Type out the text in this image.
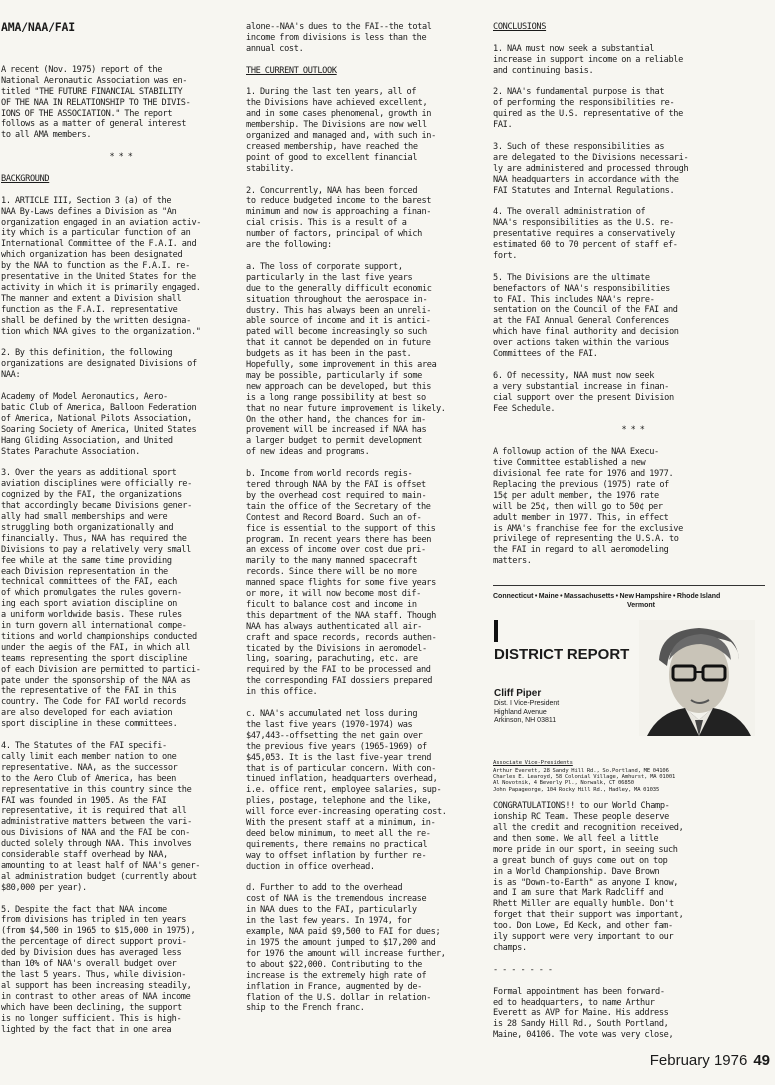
AMA/NAA/FAI
A recent (Nov. 1975) report of the
National Aeronautic Association was en-
titled "THE FUTURE FINANCIAL STABILITY
OF THE NAA IN RELATIONSHIP TO THE DIVIS-
IONS OF THE ASSOCIATION." The report
follows as a matter of general interest
to all AMA members.
* * *
BACKGROUND
1. ARTICLE III, Section 3 (a) of the
NAA By-Laws defines a Division as "An
organization engaged in an aviation activ-
ity which is a particular function of an
International Committee of the F.A.I. and
which organization has been designated
by the NAA to function as the F.A.I. re-
presentative in the United States for the
activity in which it is primarily engaged.
The manner and extent a Division shall
function as the F.A.I. representative
shall be defined by the written designa-
tion which NAA gives to the organization."
2. By this definition, the following
organizations are designated Divisions of
NAA:
Academy of Model Aeronautics, Aero-
batic Club of America, Balloon Federation
of America, National Pilots Association,
Soaring Society of America, United States
Hang Gliding Association, and United
States Parachute Association.
3. Over the years as additional sport
aviation disciplines were officially re-
cognized by the FAI, the organizations
that accordingly became Divisions gener-
ally had small memberships and were
struggling both organizationally and
financially. Thus, NAA has required the
Divisions to pay a relatively very small
fee while at the same time providing
each Division representation in the
technical committees of the FAI, each
of which promulgates the rules govern-
ing each sport aviation discipline on
a uniform worldwide basis. These rules
in turn govern all international compe-
titions and world championships conducted
under the aegis of the FAI, in which all
teams representing the sport discipline
of each Division are permitted to partici-
pate under the sponsorship of the NAA as
the representative of the FAI in this
country. The Code for FAI world records
are also developed for each aviation
sport discipline in these committees.
4. The Statutes of the FAI specifi-
cally limit each member nation to one
representative. NAA, as the successor
to the Aero Club of America, has been
representative in this country since the
FAI was founded in 1905. As the FAI
representative, it is required that all
administrative matters between the vari-
ous Divisions of NAA and the FAI be con-
ducted solely through NAA. This involves
considerable staff overhead by NAA,
amounting to at least half of NAA's gener-
al administration budget (currently about
$80,000 per year).
5. Despite the fact that NAA income
from divisions has tripled in ten years
(from $4,500 in 1965 to $15,000 in 1975),
the percentage of direct support provi-
ded by Division dues has averaged less
than 10% of NAA's overall budget over
the last 5 years. Thus, while division-
al support has been increasing steadily,
in contrast to other areas of NAA income
which have been declining, the support
is no longer sufficient. This is high-
lighted by the fact that in one area
alone--NAA's dues to the FAI--the total
income from divisions is less than the
annual cost.
THE CURRENT OUTLOOK
1. During the last ten years, all of
the Divisions have achieved excellent,
and in some cases phenomenal, growth in
membership. The Divisions are now well
organized and managed and, with such in-
creased membership, have reached the
point of good to excellent financial
stability.
2. Concurrently, NAA has been forced
to reduce budgeted income to the barest
minimum and now is approaching a finan-
cial crisis. This is a result of a
number of factors, principal of which
are the following:
a. The loss of corporate support,
particularly in the last five years
due to the generally difficult economic
situation throughout the aerospace in-
dustry. This has always been an unreli-
able source of income and it is antici-
pated will become increasingly so such
that it cannot be depended on in future
budgets as it has been in the past.
Hopefully, some improvement in this area
may be possible, particularly if some
new approach can be developed, but this
is a long range possibility at best so
that no near future improvement is likely.
On the other hand, the chances for im-
provement will be increased if NAA has
a larger budget to permit development
of new ideas and programs.
b. Income from world records regis-
tered through NAA by the FAI is offset
by the overhead cost required to main-
tain the office of the Secretary of the
Contest and Record Board. Such an of-
fice is essential to the support of this
program. In recent years there has been
an excess of income over cost due pri-
marily to the many manned spacecraft
records. Since there will be no more
manned space flights for some five years
or more, it will now become most dif-
ficult to balance cost and income in
this department of the NAA staff. Though
NAA has always authenticated all air-
craft and space records, records authen-
ticated by the Divisions in aeromodel-
ling, soaring, parachuting, etc. are
required by the FAI to be processed and
the corresponding FAI dossiers prepared
in this office.
c. NAA's accumulated net loss during
the last five years (1970-1974) was
$47,443--offsetting the net gain over
the previous five years (1965-1969) of
$45,053. It is the last five-year trend
that is of particular concern. With con-
tinued inflation, headquarters overhead,
i.e. office rent, employee salaries, sup-
plies, postage, telephone and the like,
will force ever-increasing operating cost.
With the present staff at a minimum, in-
deed below minimum, to meet all the re-
quirements, there remains no practical
way to offset inflation by further re-
duction in office overhead.
d. Further to add to the overhead
cost of NAA is the tremendous increase
in NAA dues to the FAI, particularly
in the last few years. In 1974, for
example, NAA paid $9,500 to FAI for dues;
in 1975 the amount jumped to $17,200 and
for 1976 the amount will increase further,
to about $22,000. Contributing to the
increase is the extremely high rate of
inflation in France, augmented by de-
flation of the U.S. dollar in relation-
ship to the French franc.
CONCLUSIONS
1. NAA must now seek a substantial
increase in support income on a reliable
and continuing basis.
2. NAA's fundamental purpose is that
of performing the responsibilities re-
quired as the U.S. representative of the
FAI.
3. Such of these responsibilities as
are delegated to the Divisions necessari-
ly are administered and processed through
NAA headquarters in accordance with the
FAI Statutes and Internal Regulations.
4. The overall administration of
NAA's responsibilities as the U.S. re-
presentative requires a conservatively
estimated 60 to 70 percent of staff ef-
fort.
5. The Divisions are the ultimate
benefactors of NAA's responsibilities
to FAI. This includes NAA's repre-
sentation on the Council of the FAI and
at the FAI Annual General Conferences
which have final authority and decision
over actions taken within the various
Committees of the FAI.
6. Of necessity, NAA must now seek
a very substantial increase in finan-
cial support over the present Division
Fee Schedule.
* * *
A followup action of the NAA Execu-
tive Committee established a new
divisional fee rate for 1976 and 1977.
Replacing the previous (1975) rate of
15¢ per adult member, the 1976 rate
will be 25¢, then will go to 50¢ per
adult member in 1977. This, in effect
is AMA's franchise fee for the exclusive
privilege of representing the U.S.A. to
the FAI in regard to all aeromodeling
matters.
Connecticut • Maine • Massachusetts • New Hampshire • Rhode Island
Vermont
DISTRICT REPORT
Cliff Piper
Dist. I Vice-President
Highland Avenue
Arkinson, NH 03811
Associate Vice-Presidents
Arthur Everett, 28 Sandy Hill Rd., So.Portland, ME 04106
Charles E. Learoyd, 58 Colonial Village, Amhurst, MA 01001
Al Novotnik, 4 Beverly Pl., Norwalk, CT 06850
John Papageorge, 104 Rocky Hill Rd., Hadley, MA 01035
CONGRATULATIONS!! to our World Champ-
ionship RC Team. These people deserve
all the credit and recognition received,
and then some. We all feel a little
more pride in our sport, in seeing such
a great bunch of guys come out on top
in a World Championship. Dave Brown
is as "Down-to-Earth" as anyone I know,
and I am sure that Mark Radcliff and
Rhett Miller are equally humble. Don't
forget that their support was important,
too. Don Lowe, Ed Keck, and other fam-
ily support were very important to our
champs.
- - - - - - -
Formal appointment has been forward-
ed to headquarters, to name Arthur
Everett as AVP for Maine. His address
is 28 Sandy Hill Rd., South Portland,
Maine, 04106. The vote was very close,
February 1976 49
